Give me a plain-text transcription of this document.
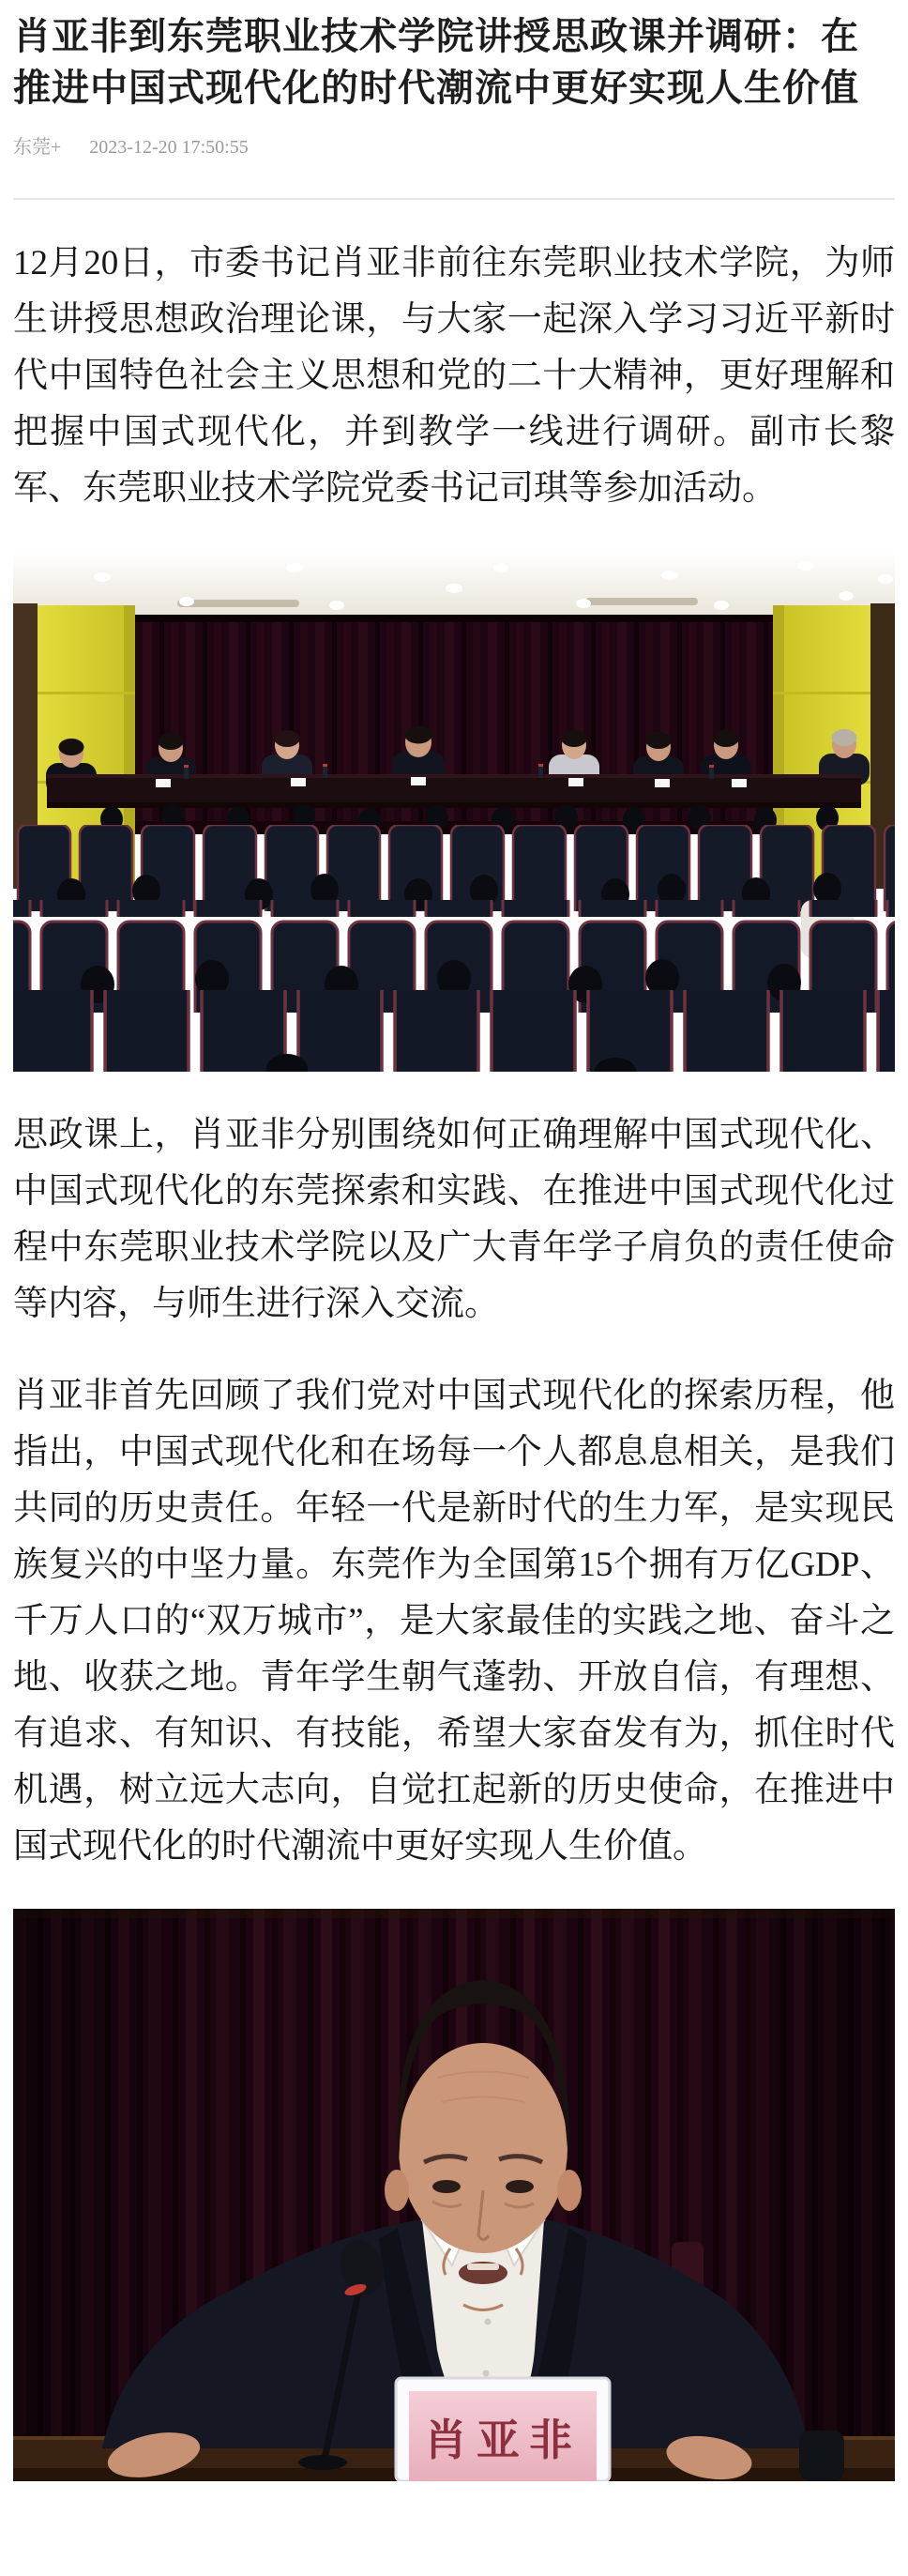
肖亚非到东莞职业技术学院讲授思政课并调研：在推进中国式现代化的时代潮流中更好实现人生价值
东莞+ 2023-12-20 17:50:55

12月20日，市委书记肖亚非前往东莞职业技术学院，为师生讲授思想政治理论课，与大家一起深入学习习近平新时代中国特色社会主义思想和党的二十大精神，更好理解和把握中国式现代化，并到教学一线进行调研。副市长黎军、东莞职业技术学院党委书记司琪等参加活动。

思政课上，肖亚非分别围绕如何正确理解中国式现代化、中国式现代化的东莞探索和实践、在推进中国式现代化过程中东莞职业技术学院以及广大青年学子肩负的责任使命等内容，与师生进行深入交流。

肖亚非首先回顾了我们党对中国式现代化的探索历程，他指出，中国式现代化和在场每一个人都息息相关，是我们共同的历史责任。年轻一代是新时代的生力军，是实现民族复兴的中坚力量。东莞作为全国第15个拥有万亿GDP、千万人口的“双万城市”，是大家最佳的实践之地、奋斗之地、收获之地。青年学生朝气蓬勃、开放自信，有理想、有追求、有知识、有技能，希望大家奋发有为，抓住时代机遇，树立远大志向，自觉扛起新的历史使命，在推进中国式现代化的时代潮流中更好实现人生价值。

肖亚非
